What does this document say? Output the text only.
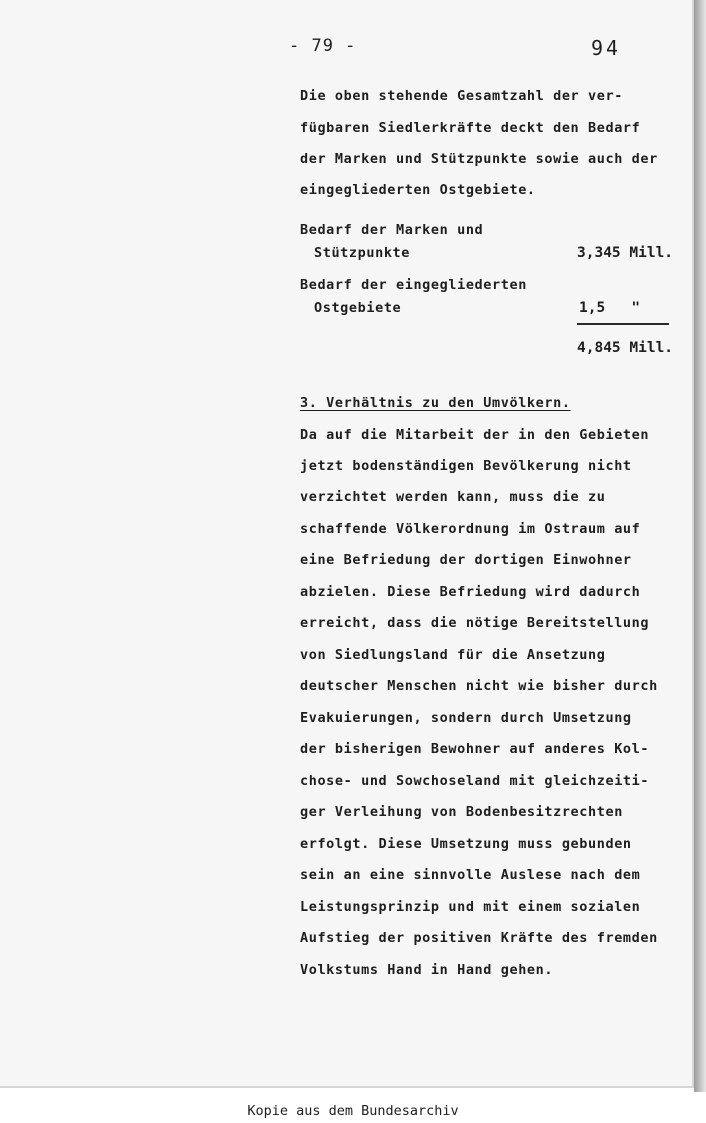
- 79 -	94
Die oben stehende Gesamtzahl der ver-
fügbaren Siedlerkräfte deckt den Bedarf
der Marken und Stützpunkte sowie auch der
eingegliederten Ostgebiete.
Bedarf der Marken und
Stützpunkte	3,345 Mill.
Bedarf der eingegliederten
Ostgebiete	1,5   "
4,845 Mill.
3. Verhältnis zu den Umvölkern.
Da auf die Mitarbeit der in den Gebieten
jetzt bodenständigen Bevölkerung nicht
verzichtet werden kann, muss die zu
schaffende Völkerordnung im Ostraum auf
eine Befriedung der dortigen Einwohner
abzielen. Diese Befriedung wird dadurch
erreicht, dass die nötige Bereitstellung
von Siedlungsland für die Ansetzung
deutscher Menschen nicht wie bisher durch
Evakuierungen, sondern durch Umsetzung
der bisherigen Bewohner auf anderes Kol-
chose- und Sowchoseland mit gleichzeiti-
ger Verleihung von Bodenbesitzrechten
erfolgt. Diese Umsetzung muss gebunden
sein an eine sinnvolle Auslese nach dem
Leistungsprinzip und mit einem sozialen
Aufstieg der positiven Kräfte des fremden
Volkstums Hand in Hand gehen.
Kopie aus dem Bundesarchiv
